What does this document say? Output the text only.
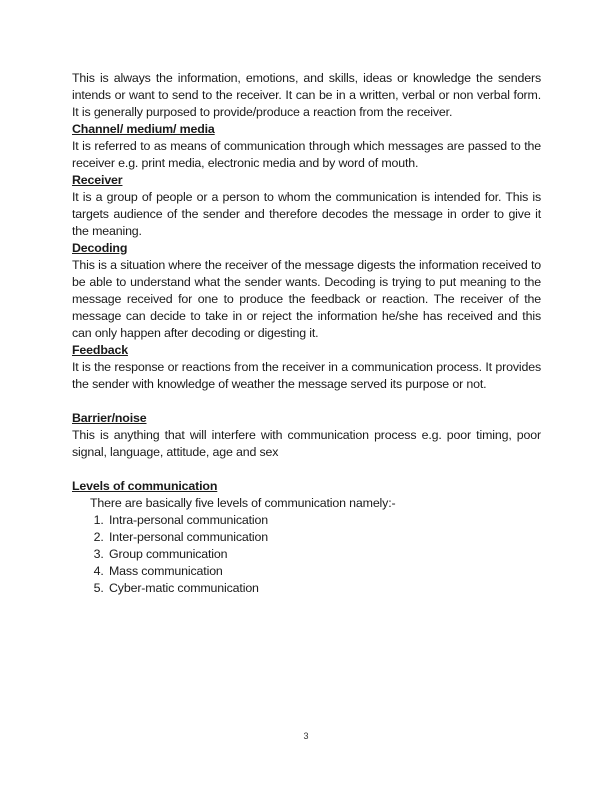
This is always the information, emotions, and skills, ideas or knowledge the senders intends or want to send to the receiver. It can be in a written, verbal or non verbal form. It is generally purposed to provide/produce a reaction from the receiver.

Channel/ medium/ media

It is referred to as means of communication through which messages are passed to the receiver e.g. print media, electronic media and by word of mouth.

Receiver

It is a group of people or a person to whom the communication is intended for. This is targets audience of the sender and therefore decodes the message in order to give it the meaning.

Decoding

This is a situation where the receiver of the message digests the information received to be able to understand what the sender wants. Decoding is trying to put meaning to the message received for one to produce the feedback or reaction. The receiver of the message can decide to take in or reject the information he/she has received and this can only happen after decoding or digesting it.

Feedback

It is the response or reactions from the receiver in a communication process. It provides the sender with knowledge of weather the message served its purpose or not.

Barrier/noise

This is anything that will interfere with communication process e.g. poor timing, poor signal, language, attitude, age and sex

Levels of communication

There are basically five levels of communication namely:-

1. Intra-personal communication
2. Inter-personal communication
3. Group communication
4. Mass communication
5. Cyber-matic communication
3
